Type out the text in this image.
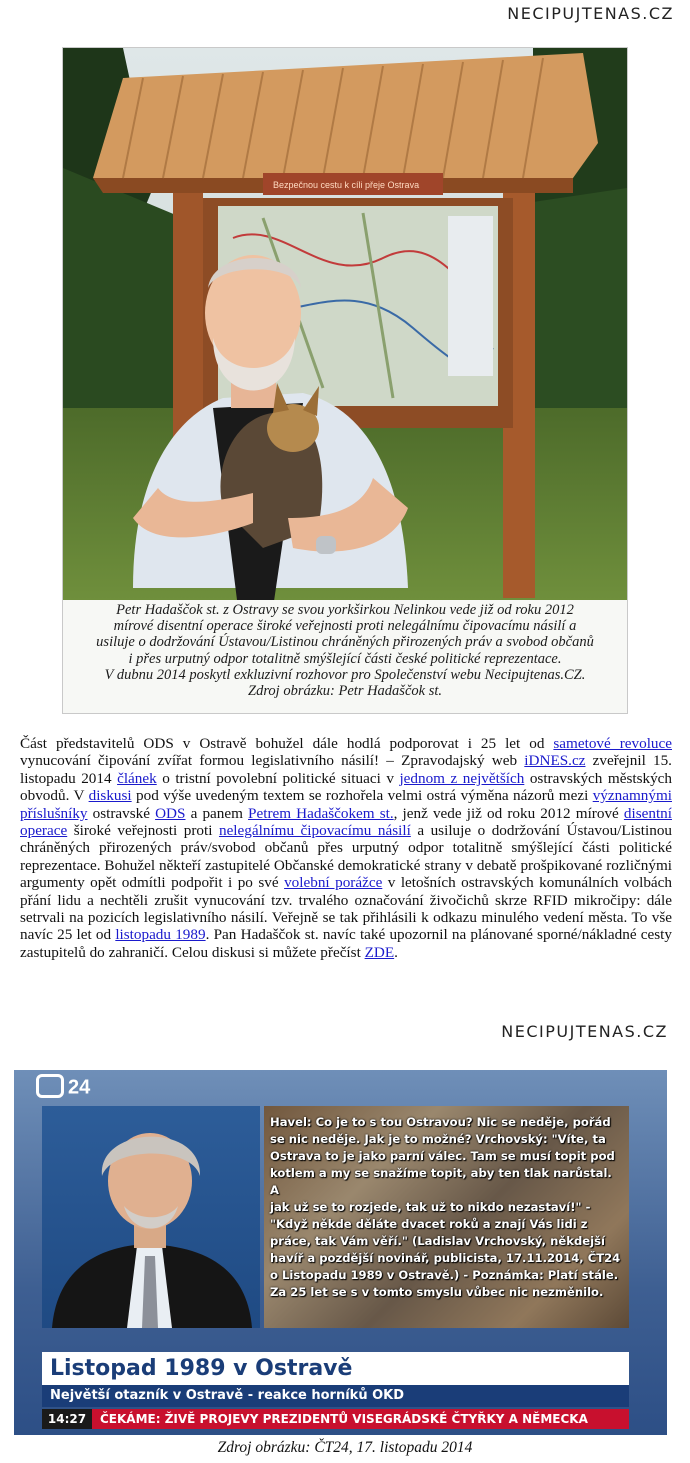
NECIPUJTENAS.CZ
Bezpečnou cestu k cíli přeje Ostrava
Petr Hadaščok st. z Ostravy se svou yorkširkou Nelinkou vede již od roku 2012
mírové disentní operace široké veřejnosti proti nelegálnímu čipovacímu násilí a
usiluje o dodržování Ústavou/Listinou chráněných přirozených práv a svobod občanů
i přes urputný odpor totalitně smýšlející části české politické reprezentace.
V dubnu 2014 poskytl exkluzivní rozhovor pro Společenství webu Necipujtenas.CZ.
Zdroj obrázku: Petr Hadaščok st.
Část představitelů ODS v Ostravě bohužel dále hodlá podporovat i 25 let od sametové revoluce vynucování čipování zvířat formou legislativního násilí! – Zpravodajský web iDNES.cz zveřejnil 15. listopadu 2014 článek o tristní povolební politické situaci v jednom z největších ostravských městských obvodů. V diskusi pod výše uvedeným textem se rozhořela velmi ostrá výměna názorů mezi významnými příslušníky ostravské ODS a panem Petrem Hadaščokem st., jenž vede již od roku 2012 mírové disentní operace široké veřejnosti proti nelegálnímu čipovacímu násilí a usiluje o dodržování Ústavou/Listinou chráněných přirozených práv/svobod občanů přes urputný odpor totalitně smýšlející části politické reprezentace. Bohužel někteří zastupitelé Občanské demokratické strany v debatě prošpikované rozličnými argumenty opět odmítli podpořit i po své volební porážce v letošních ostravských komunálních volbách přání lidu a nechtěli zrušit vynucování tzv. trvalého označování živočichů skrze RFID mikročipy: dále setrvali na pozicích legislativního násilí. Veřejně se tak přihlásili k odkazu minulého vedení města. To vše navíc 25 let od listopadu 1989. Pan Hadaščok st. navíc také upozornil na plánované sporné/nákladné cesty zastupitelů do zahraničí. Celou diskusi si můžete přečíst ZDE.
NECIPUJTENAS.CZ
24
Havel: Co je to s tou Ostravou? Nic se neděje, pořád
se nic neděje. Jak je to možné? Vrchovský: "Víte, ta
Ostrava to je jako parní válec. Tam se musí topit pod
kotlem a my se snažíme topit, aby ten tlak narůstal. A
jak už se to rozjede, tak už to nikdo nezastaví!" -
"Když někde děláte dvacet roků a znají Vás lidi z
práce, tak Vám věří." (Ladislav Vrchovský, někdejší
havíř a pozdější novinář, publicista, 17.11.2014, ČT24
o Listopadu 1989 v Ostravě.) - Poznámka: Platí stále.
Za 25 let se s v tomto smyslu vůbec nic nezměnilo.
Listopad 1989 v Ostravě
Největší otazník v Ostravě - reakce horníků OKD
14:27	ČEKÁME: ŽIVĚ PROJEVY PREZIDENTŮ VISEGRÁDSKÉ ČTYŘKY A NĚMECKA
Zdroj obrázku: ČT24, 17. listopadu 2014
